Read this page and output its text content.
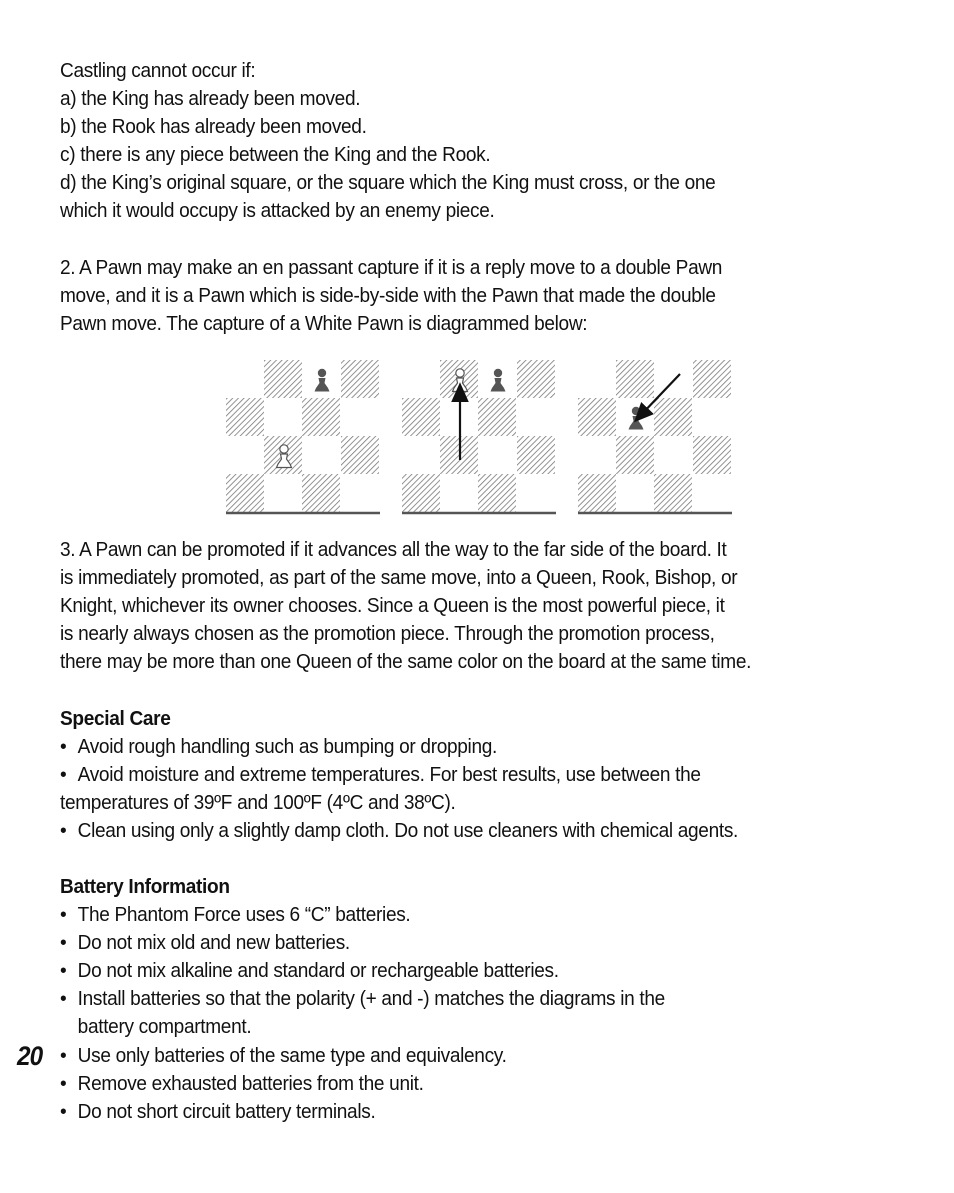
Castling cannot occur if:
a) the King has already been moved.
b) the Rook has already been moved.
c) there is any piece between the King and the Rook.
d) the King’s original square, or the square which the King must cross, or the one
which it would occupy is attacked by an enemy piece.
2. A Pawn may make an en passant capture if it is a reply move to a double Pawn
move, and it is a Pawn which is side-by-side with the Pawn that made the double
Pawn move. The capture of a White Pawn is diagrammed below:
3. A Pawn can be promoted if it advances all the way to the far side of the board. It
is immediately promoted, as part of the same move, into a Queen, Rook, Bishop, or
Knight, whichever its owner chooses. Since a Queen is the most powerful piece, it
is nearly always chosen as the promotion piece. Through the promotion process,
there may be more than one Queen of the same color on the board at the same time.
Special Care
• Avoid rough handling such as bumping or dropping.
• Avoid moisture and extreme temperatures. For best results, use between the
temperatures of 39ºF and 100ºF (4ºC and 38ºC).
• Clean using only a slightly damp cloth. Do not use cleaners with chemical agents.
Battery Information
• The Phantom Force uses 6 “C” batteries.
• Do not mix old and new batteries.
• Do not mix alkaline and standard or rechargeable batteries.
• Install batteries so that the polarity (+ and -) matches the diagrams in the
battery compartment.
• Use only batteries of the same type and equivalency.
• Remove exhausted batteries from the unit.
• Do not short circuit battery terminals.
20
